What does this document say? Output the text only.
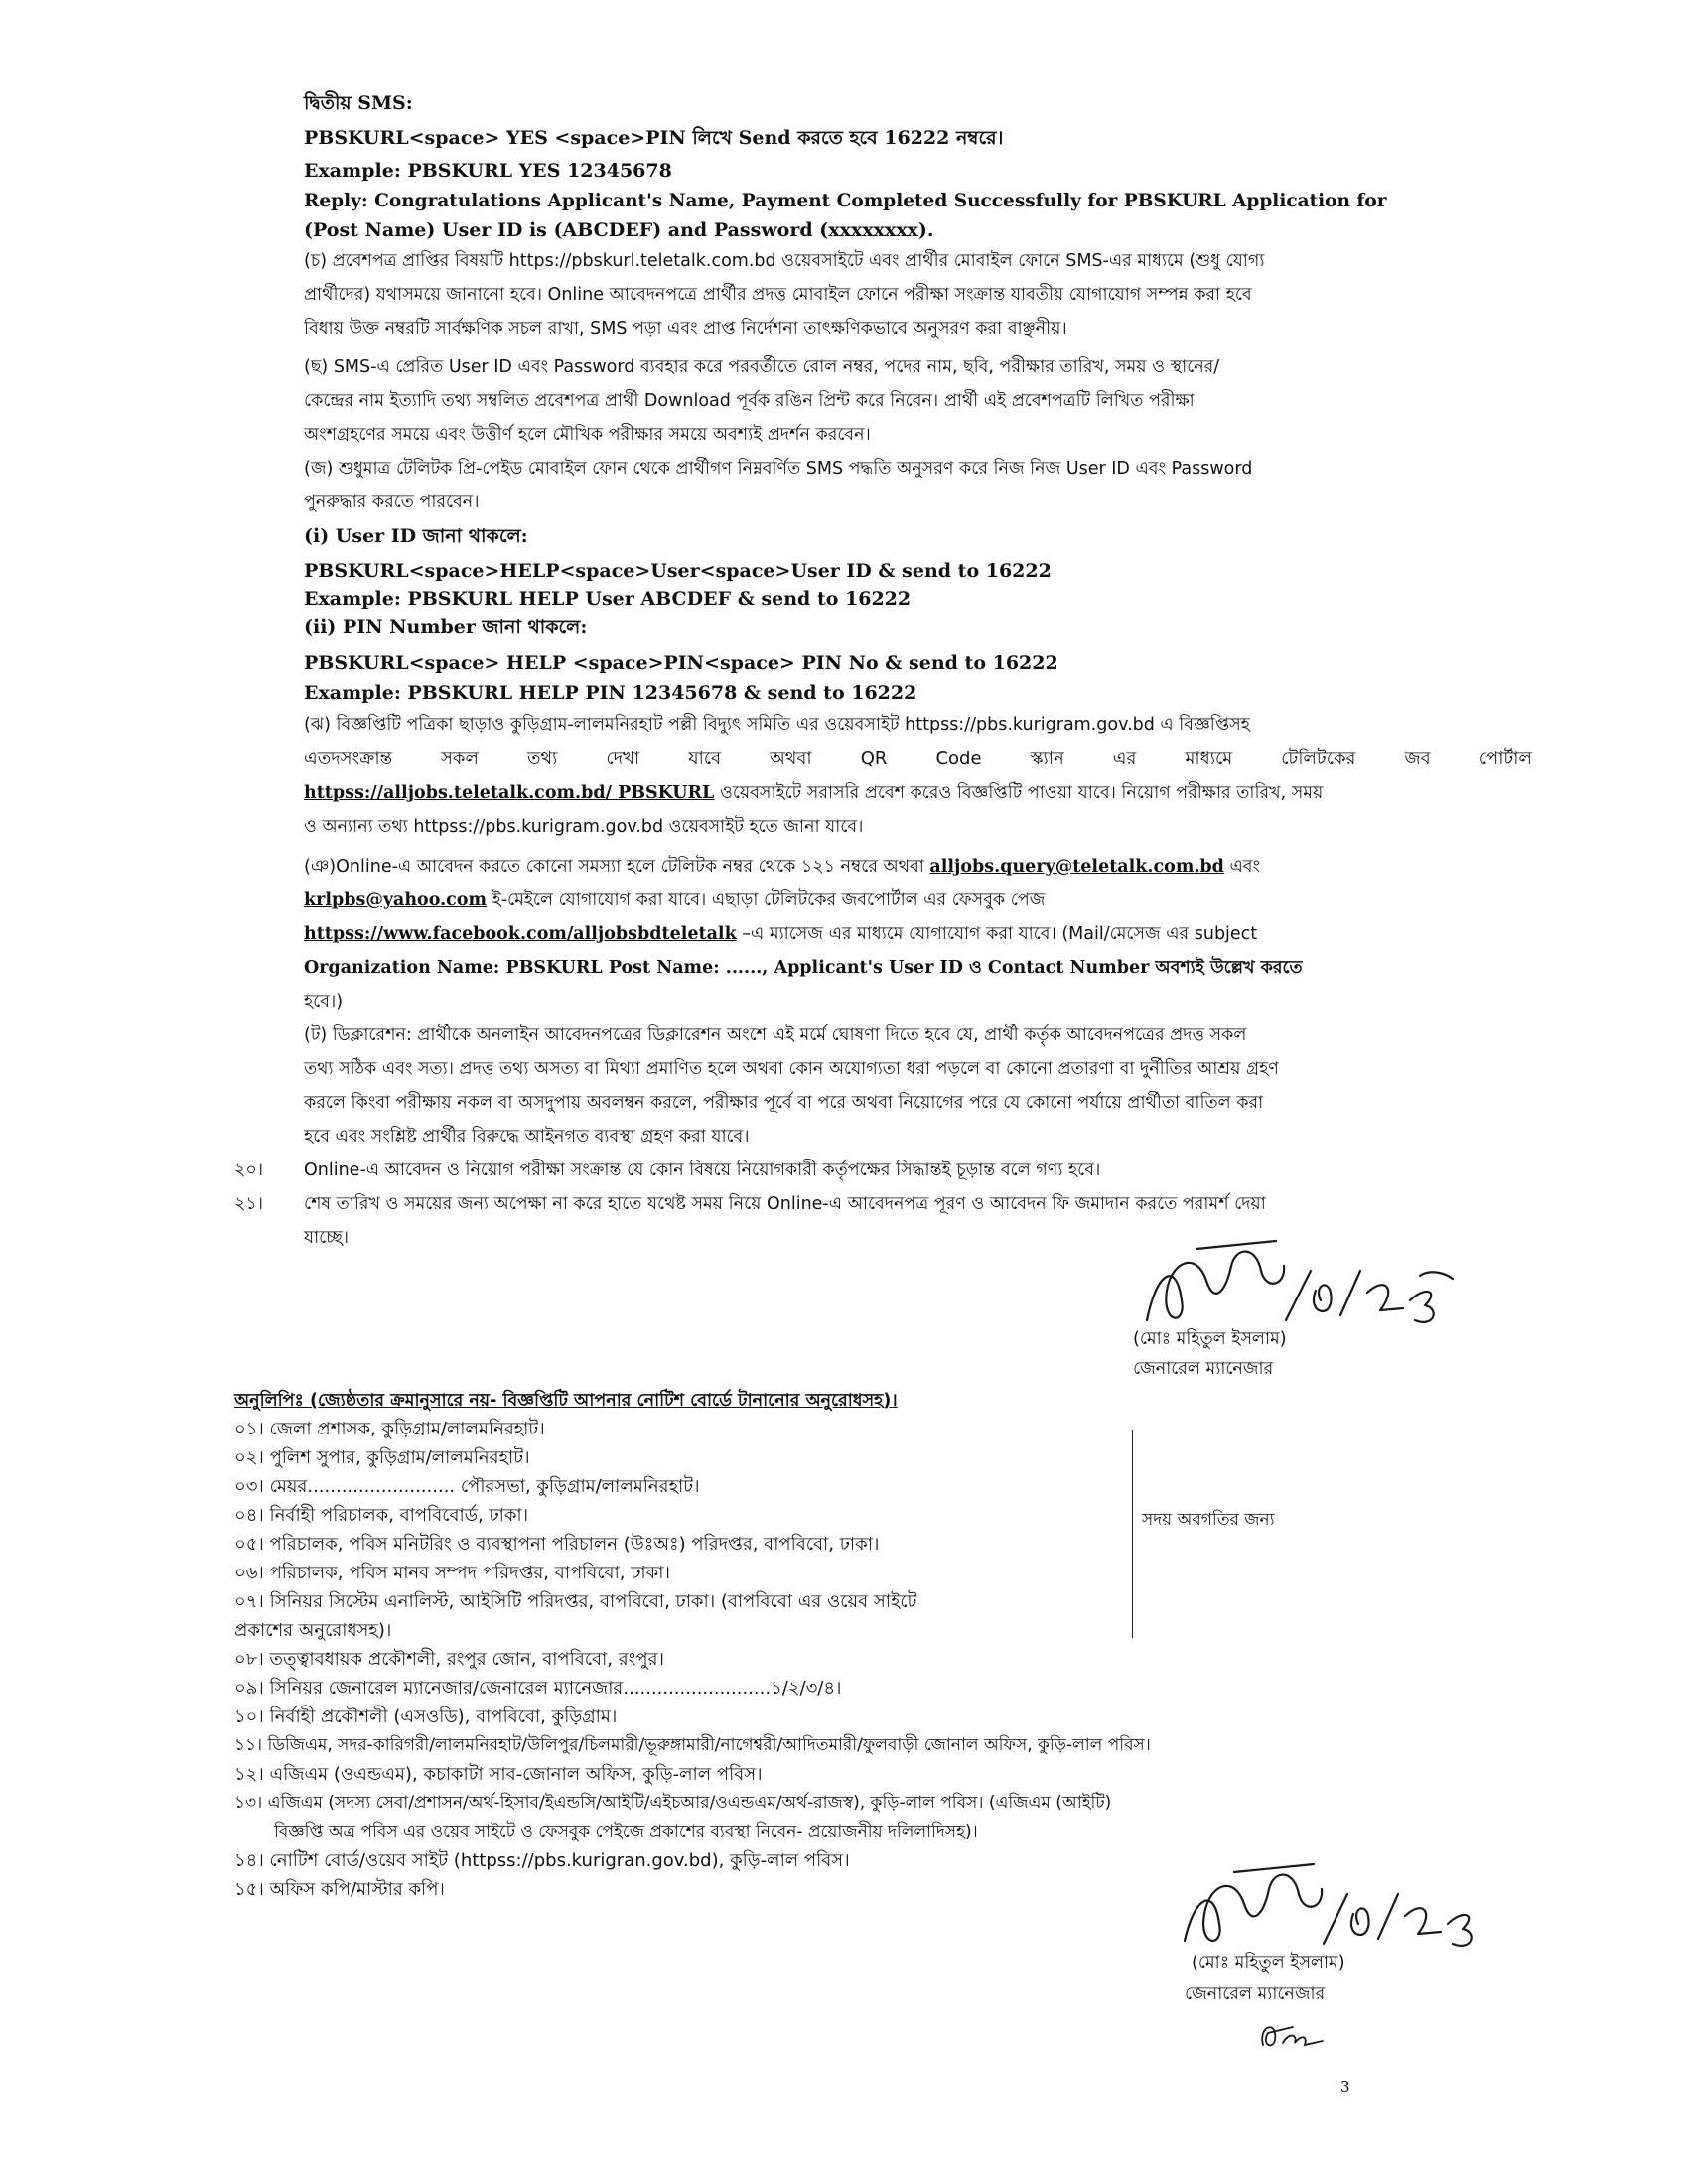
দ্বিতীয় SMS:
PBSKURL<space> YES <space>PIN লিখে Send করতে হবে 16222 নম্বরে।
Example: PBSKURL YES 12345678
Reply: Congratulations Applicant's Name, Payment Completed Successfully for PBSKURL Application for
(Post Name) User ID is (ABCDEF) and Password (xxxxxxxx).
(চ) প্রবেশপত্র প্রাপ্তির বিষয়টি https://pbskurl.teletalk.com.bd ওয়েবসাইটে এবং প্রার্থীর মোবাইল ফোনে SMS-এর মাধ্যমে (শুধু যোগ্য
প্রার্থীদের) যথাসময়ে জানানো হবে। Online আবেদনপত্রে প্রার্থীর প্রদত্ত মোবাইল ফোনে পরীক্ষা সংক্রান্ত যাবতীয় যোগাযোগ সম্পন্ন করা হবে
বিধায় উক্ত নম্বরটি সার্বক্ষণিক সচল রাখা, SMS পড়া এবং প্রাপ্ত নির্দেশনা তাৎক্ষণিকভাবে অনুসরণ করা বাঞ্ছনীয়।
(ছ) SMS-এ প্রেরিত User ID এবং Password ব্যবহার করে পরবর্তীতে রোল নম্বর, পদের নাম, ছবি, পরীক্ষার তারিখ, সময় ও স্থানের/
কেন্দ্রের নাম ইত্যাদি তথ্য সম্বলিত প্রবেশপত্র প্রার্থী Download পূর্বক রঙিন প্রিন্ট করে নিবেন। প্রার্থী এই প্রবেশপত্রটি লিখিত পরীক্ষা
অংশগ্রহণের সময়ে এবং উত্তীর্ণ হলে মৌখিক পরীক্ষার সময়ে অবশ্যই প্রদর্শন করবেন।
(জ) শুধুমাত্র টেলিটক প্রি-পেইড মোবাইল ফোন থেকে প্রার্থীগণ নিম্নবর্ণিত SMS পদ্ধতি অনুসরণ করে নিজ নিজ User ID এবং Password
পুনরুদ্ধার করতে পারবেন।
(i) User ID জানা থাকলে:
PBSKURL<space>HELP<space>User<space>User ID & send to 16222
Example: PBSKURL HELP User ABCDEF & send to 16222
(ii) PIN Number জানা থাকলে:
PBSKURL<space> HELP <space>PIN<space> PIN No & send to 16222
Example: PBSKURL HELP PIN 12345678 & send to 16222
(ঝ) বিজ্ঞপ্তিটি পত্রিকা ছাড়াও কুড়িগ্রাম-লালমনিরহাট পল্লী বিদ্যুৎ সমিতি এর ওয়েবসাইট httpss://pbs.kurigram.gov.bd এ বিজ্ঞপ্তিসহ
এতদসংক্রান্ত	সকল	তথ্য	দেখা	যাবে	অথবা	QR	Code	স্ক্যান	এর	মাধ্যমে	টেলিটকের	জব	পোর্টাল
httpss://alljobs.teletalk.com.bd/ PBSKURL ওয়েবসাইটে সরাসরি প্রবেশ করেও বিজ্ঞপ্তিটি পাওয়া যাবে। নিয়োগ পরীক্ষার তারিখ, সময়
ও অন্যান্য তথ্য httpss://pbs.kurigram.gov.bd ওয়েবসাইট হতে জানা যাবে।
(ঞ)Online-এ আবেদন করতে কোনো সমস্যা হলে টেলিটক নম্বর থেকে ১২১ নম্বরে অথবা alljobs.query@teletalk.com.bd এবং
krlpbs@yahoo.com ই-মেইলে যোগাযোগ করা যাবে। এছাড়া টেলিটকের জবপোর্টাল এর ফেসবুক পেজ
httpss://www.facebook.com/alljobsbdteletalk –এ ম্যাসেজ এর মাধ্যমে যোগাযোগ করা যাবে। (Mail/মেসেজ এর subject
Organization Name: PBSKURL Post Name: ......, Applicant's User ID ও Contact Number অবশ্যই উল্লেখ করতে
হবে।)
(ট) ডিক্লারেশন: প্রার্থীকে অনলাইন আবেদনপত্রের ডিক্লারেশন অংশে এই মর্মে ঘোষণা দিতে হবে যে, প্রার্থী কর্তৃক আবেদনপত্রের প্রদত্ত সকল
তথ্য সঠিক এবং সত্য। প্রদত্ত তথ্য অসত্য বা মিথ্যা প্রমাণিত হলে অথবা কোন অযোগ্যতা ধরা পড়লে বা কোনো প্রতারণা বা দুর্নীতির আশ্রয় গ্রহণ
করলে কিংবা পরীক্ষায় নকল বা অসদুপায় অবলম্বন করলে, পরীক্ষার পূর্বে বা পরে অথবা নিয়োগের পরে যে কোনো পর্যায়ে প্রার্থীতা বাতিল করা
হবে এবং সংশ্লিষ্ট প্রার্থীর বিরুদ্ধে আইনগত ব্যবস্থা গ্রহণ করা যাবে।
২০। Online-এ আবেদন ও নিয়োগ পরীক্ষা সংক্রান্ত যে কোন বিষয়ে নিয়োগকারী কর্তৃপক্ষের সিদ্ধান্তই চূড়ান্ত বলে গণ্য হবে।
২১। শেষ তারিখ ও সময়ের জন্য অপেক্ষা না করে হাতে যথেষ্ট সময় নিয়ে Online-এ আবেদনপত্র পূরণ ও আবেদন ফি জমাদান করতে পরামর্শ দেয়া
যাচ্ছে।
(মোঃ মহিতুল ইসলাম)
জেনারেল ম্যানেজার
অনুলিপিঃ (জ্যেষ্ঠতার ক্রমানুসারে নয়- বিজ্ঞপ্তিটি আপনার নোটিশ বোর্ডে টানানোর অনুরোধসহ)।
০১। জেলা প্রশাসক, কুড়িগ্রাম/লালমনিরহাট।
০২। পুলিশ সুপার, কুড়িগ্রাম/লালমনিরহাট।
০৩। মেয়র.......................... পৌরসভা, কুড়িগ্রাম/লালমনিরহাট।
০৪। নির্বাহী পরিচালক, বাপবিবোর্ড, ঢাকা।
০৫। পরিচালক, পবিস মনিটরিং ও ব্যবস্থাপনা পরিচালন (উঃঅঃ) পরিদপ্তর, বাপবিবো, ঢাকা।
০৬। পরিচালক, পবিস মানব সম্পদ পরিদপ্তর, বাপবিবো, ঢাকা।
০৭। সিনিয়র সিস্টেম এনালিস্ট, আইসিটি পরিদপ্তর, বাপবিবো, ঢাকা। (বাপবিবো এর ওয়েব সাইটে
প্রকাশের অনুরোধসহ)।
০৮। তত্ত্বাবধায়ক প্রকৌশলী, রংপুর জোন, বাপবিবো, রংপুর।
০৯। সিনিয়র জেনারেল ম্যানেজার/জেনারেল ম্যানেজার..........................১/২/৩/৪।
১০। নির্বাহী প্রকৌশলী (এসওডি), বাপবিবো, কুড়িগ্রাম।
১১। ডিজিএম, সদর-কারিগরী/লালমনিরহাট/উলিপুর/চিলমারী/ভূরুঙ্গামারী/নাগেশ্বরী/আদিতমারী/ফুলবাড়ী জোনাল অফিস, কুড়ি-লাল পবিস।
১২। এজিএম (ওএন্ডএম), কচাকাটা সাব-জোনাল অফিস, কুড়ি-লাল পবিস।
১৩। এজিএম (সদস্য সেবা/প্রশাসন/অর্থ-হিসাব/ইএন্ডসি/আইটি/এইচআর/ওএন্ডএম/অর্থ-রাজস্ব), কুড়ি-লাল পবিস। (এজিএম (আইটি)
বিজ্ঞপ্তি অত্র পবিস এর ওয়েব সাইটে ও ফেসবুক পেইজে প্রকাশের ব্যবস্থা নিবেন- প্রয়োজনীয় দলিলাদিসহ)।
১৪। নোটিশ বোর্ড/ওয়েব সাইট (httpss://pbs.kurigran.gov.bd), কুড়ি-লাল পবিস।
১৫। অফিস কপি/মাস্টার কপি।
সদয় অবগতির জন্য
(মোঃ মহিতুল ইসলাম)
জেনারেল ম্যানেজার
3
